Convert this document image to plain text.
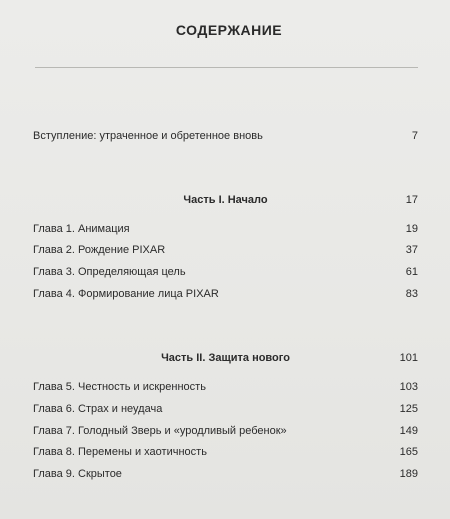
СОДЕРЖАНИЕ
Вступление: утраченное и обретенное вновь	7
Часть I. Начало	17
Глава 1. Анимация	19
Глава 2. Рождение PIXAR	37
Глава 3. Определяющая цель	61
Глава 4. Формирование лица PIXAR	83
Часть II. Защита нового	101
Глава 5. Честность и искренность	103
Глава 6. Страх и неудача	125
Глава 7. Голодный Зверь и «уродливый ребенок»	149
Глава 8. Перемены и хаотичность	165
Глава 9. Скрытое	189
